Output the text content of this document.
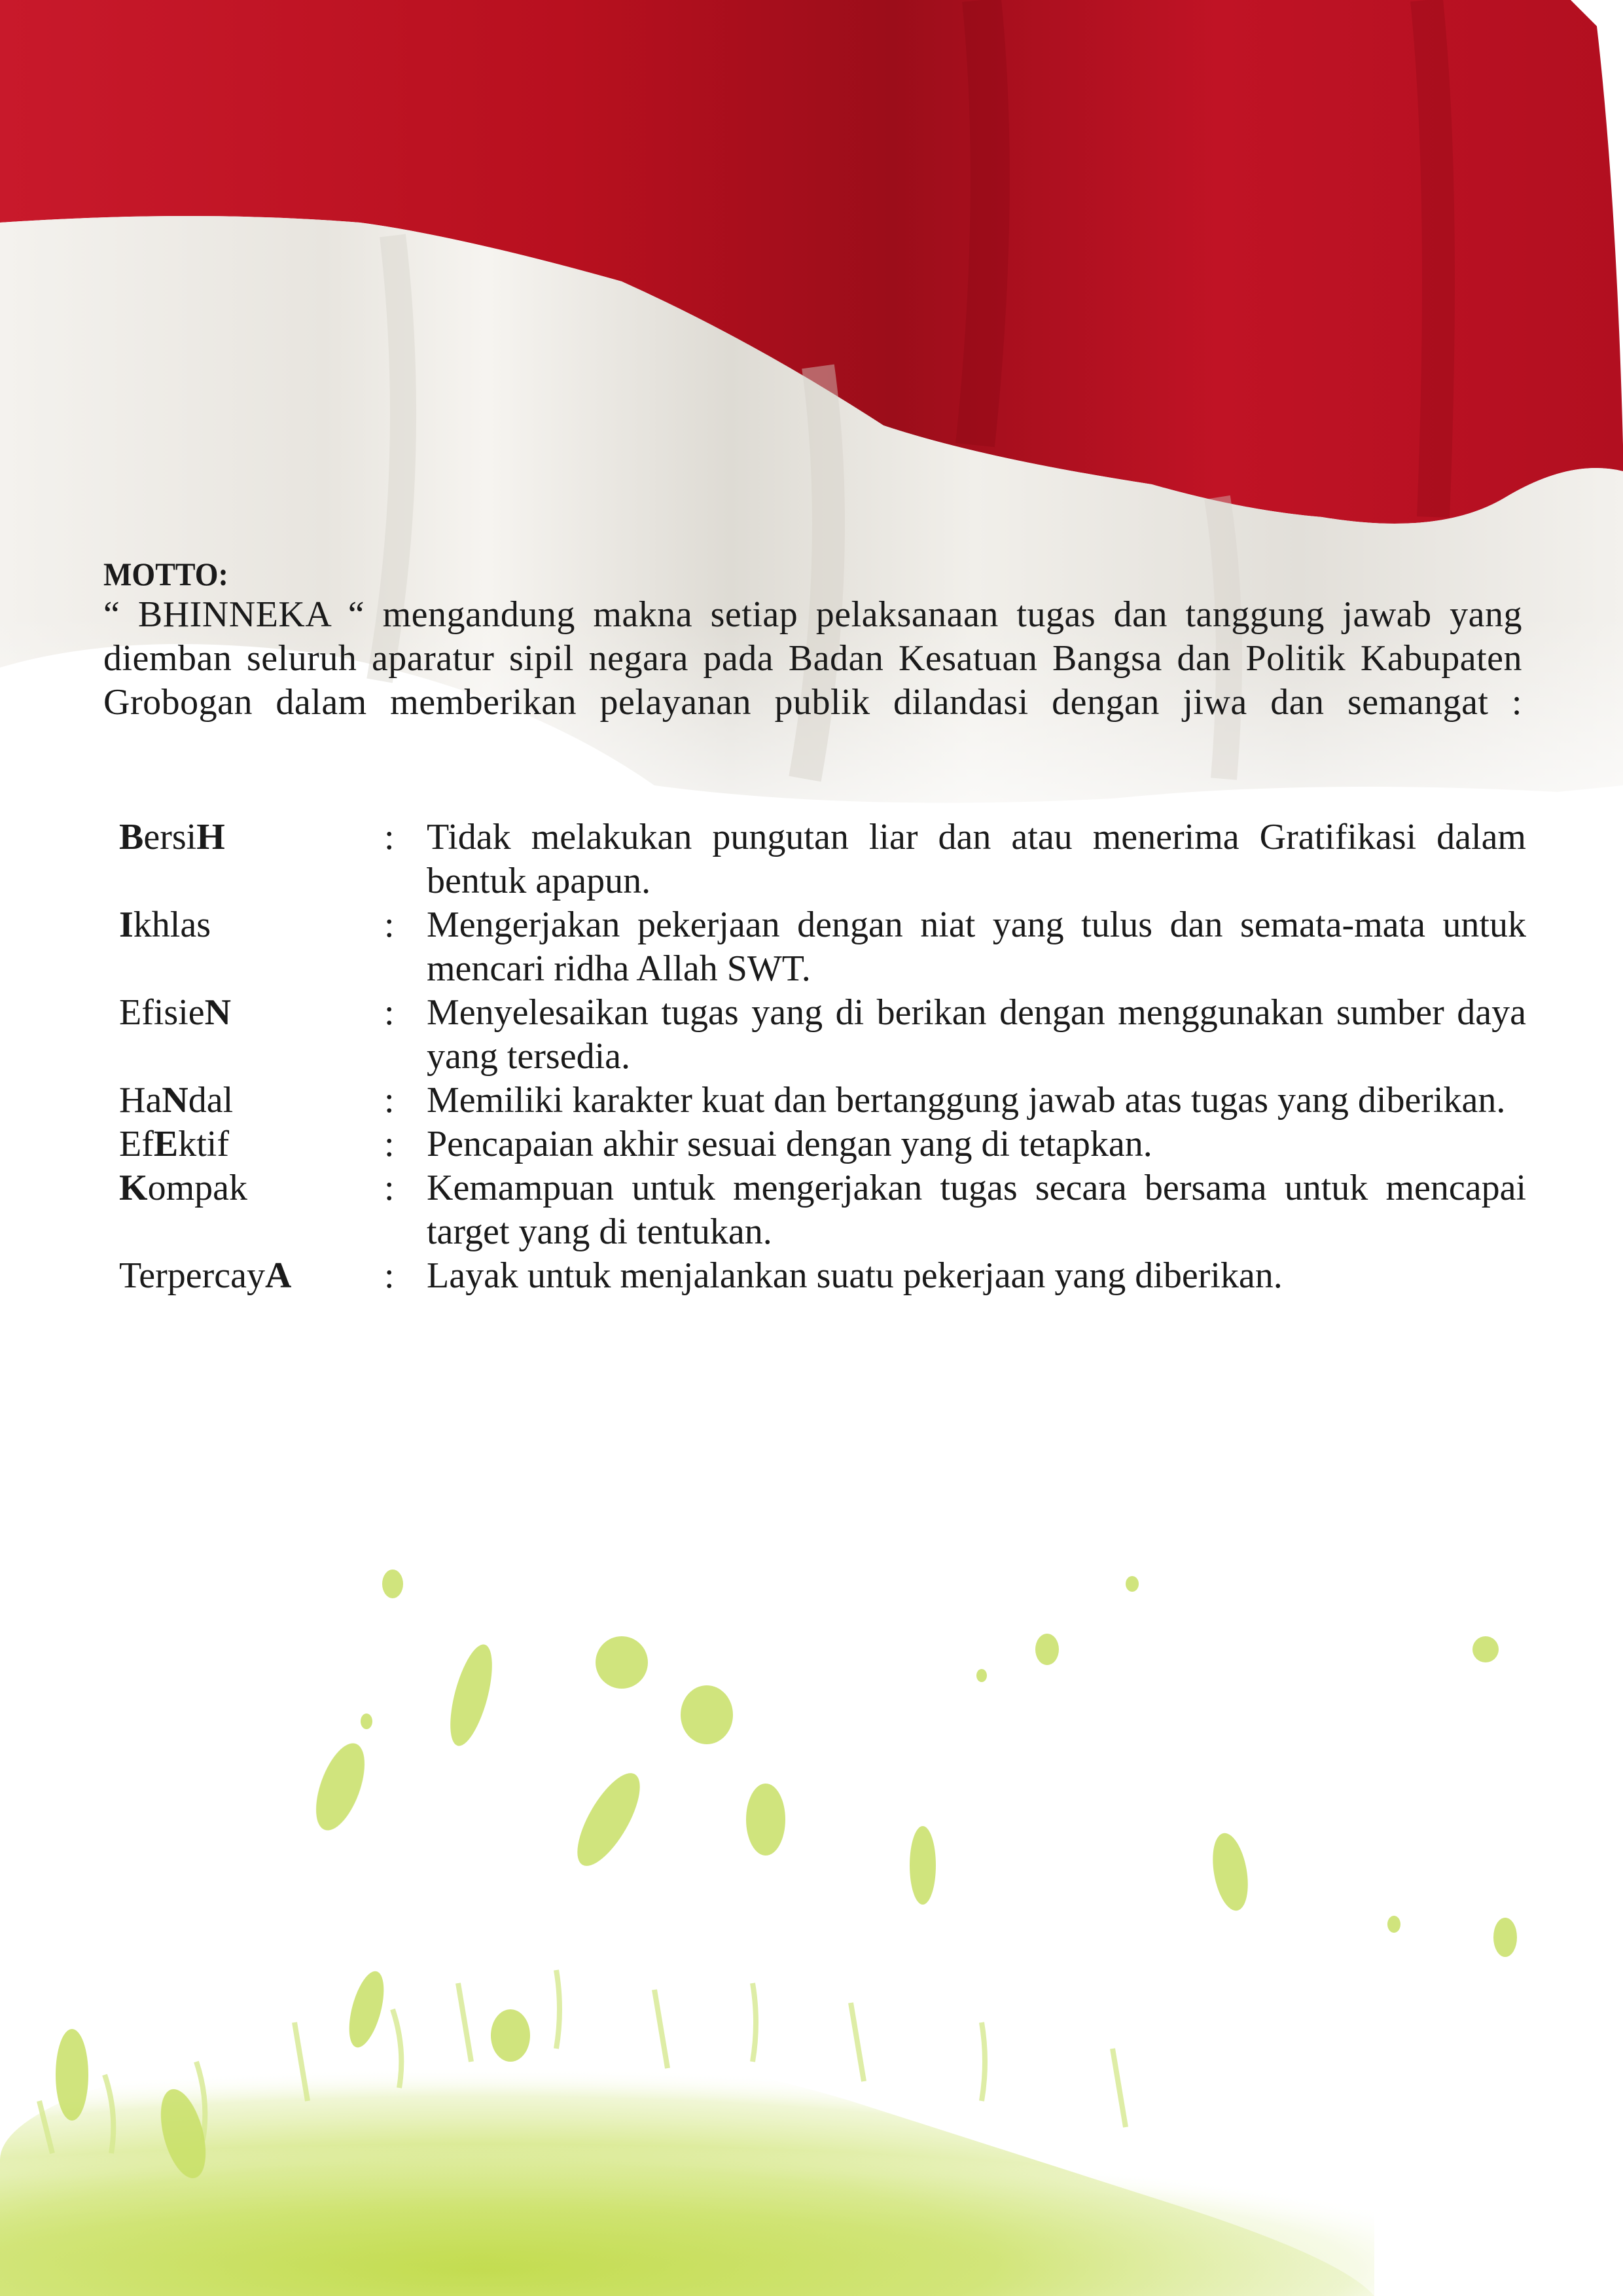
MOTTO:
“ BHINNEKA “ mengandung makna setiap pelaksanaan tugas dan tanggung jawab yang diemban seluruh aparatur sipil negara pada Badan Kesatuan Bangsa dan Politik Kabupaten Grobogan dalam memberikan pelayanan publik dilandasi dengan jiwa dan semangat :
BersiH	: Tidak melakukan pungutan liar dan atau menerima Gratifikasi dalam bentuk apapun.
Ikhlas	: Mengerjakan pekerjaan dengan niat yang tulus dan semata-mata untuk mencari ridha Allah SWT.
EfisieN	: Menyelesaikan tugas yang di berikan dengan menggunakan sumber daya yang tersedia.
HaNdal	: Memiliki karakter kuat dan bertanggung jawab atas tugas yang diberikan.
EfEktif	: Pencapaian akhir sesuai dengan yang di tetapkan.
Kompak	: Kemampuan untuk mengerjakan tugas secara bersama untuk mencapai target yang di tentukan.
TerpercayA	: Layak untuk menjalankan suatu pekerjaan yang diberikan.
